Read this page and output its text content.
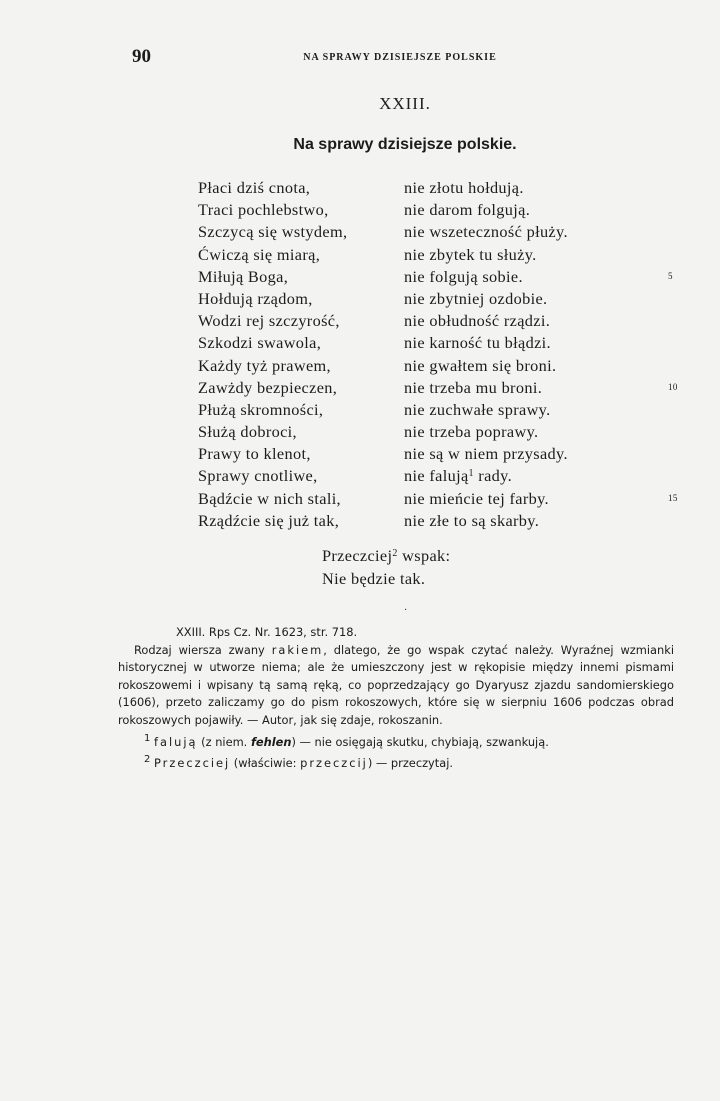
90	NA SPRAWY DZISIEJSZE POLSKIE
XXIII.
Na sprawy dzisiejsze polskie.
Płaci dziś cnota,	nie złotu hołdują.
Traci pochlebstwo,	nie darom folgują.
Szczycą się wstydem,	nie wszeteczność płuży.
Ćwiczą się miarą,	nie zbytek tu służy.
Miłują Boga,	nie folgują sobie.	5
Hołdują rządom,	nie zbytniej ozdobie.
Wodzi rej szczyrość,	nie obłudność rządzi.
Szkodzi swawola,	nie karność tu błądzi.
Każdy tyż prawem,	nie gwałtem się broni.
Zawżdy bezpieczen,	nie trzeba mu broni.	10
Płużą skromności,	nie zuchwałe sprawy.
Służą dobroci,	nie trzeba poprawy.
Prawy to klenot,	nie są w niem przysady.
Sprawy cnotliwe,	nie falują$^1$ rady.
Bądźcie w nich stali,	nie mieńcie tej farby.	15
Rządźcie się już tak,	nie złe to są skarby.
Przeczciej$^2$ wspak:
Nie będzie tak.
·
XXIII. Rps Cz. Nr. 1623, str. 718.

Rodzaj wiersza zwany rakiem, dlatego, że go wspak czytać należy. Wyraźnej wzmianki historycznej w utworze niema; ale że umieszczony jest w rękopisie między innemi pismami rokoszowemi i wpisany tą samą ręką, co poprzedzający go Dyaryusz zjazdu sandomierskiego (1606), przeto zaliczamy go do pism rokoszowych, które się w sierpniu 1606 podczas obrad rokoszowych pojawiły. — Autor, jak się zdaje, rokoszanin.

1 falują (z niem. fehlen) — nie osięgają skutku, chybiają, szwankują.

2 Przeczciej (właściwie: przeczcij) — przeczytaj.
